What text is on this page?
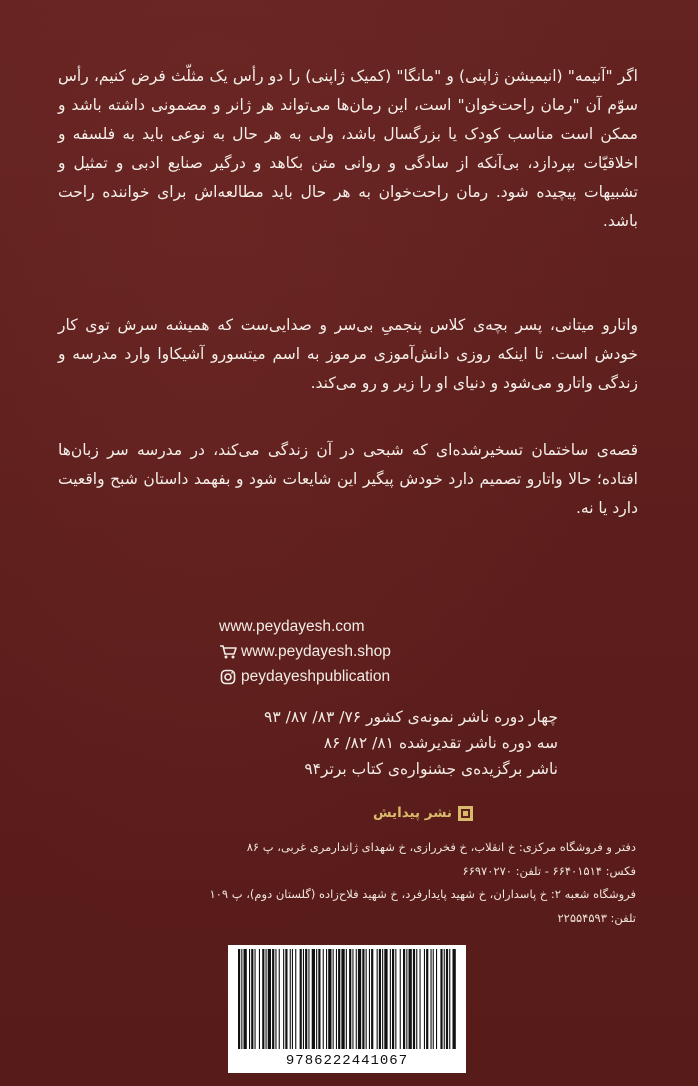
اگر "آنیمه" (انیمیشن ژاپنی) و "مانگا" (کمیک ژاپنی) را دو رأس یک مثلّث فرض کنیم، رأس سوّم آن "رمان راحت‌خوان" است، این رمان‌ها می‌تواند هر ژانر و مضمونی داشته باشد و ممکن است مناسب کودک یا بزرگسال باشد، ولی به هر حال به نوعی باید به فلسفه و اخلاقیّات بپردازد، بی‌آنکه از سادگی و روانی متن بکاهد و درگیر صنایع ادبی و تمثیل و تشبیهات پیچیده شود. رمان راحت‌خوان به هر حال باید مطالعه‌اش برای خواننده راحت باشد.

واتارو میتانی، پسر بچه‌ی کلاس پنجمیِ بی‌سر و صدایی‌ست که همیشه سرش توی کار خودش است. تا اینکه روزی دانش‌آموزی مرموز به اسم میتسورو آشیکاوا وارد مدرسه و زندگی واتارو می‌شود و دنیای او را زیر و رو می‌کند.

قصه‌ی ساختمان تسخیرشده‌ای که شبحی در آن زندگی می‌کند، در مدرسه سر زبان‌ها افتاده؛ حالا واتارو تصمیم دارد خودش پیگیر این شایعات شود و بفهمد داستان شبح واقعیت دارد یا نه.

www.peydayesh.com
www.peydayesh.shop
peydayeshpublication
چهار دوره ناشر نمونه‌ی کشور ۷۶/ ۸۳/ ۸۷/ ۹۳
سه دوره ناشر تقدیرشده ۸۱/ ۸۲/ ۸۶
ناشر برگزیده‌ی جشنواره‌ی کتاب برتر۹۴
نشر پیدایش
دفتر و فروشگاه مرکزی: خ انقلاب، خ فخررازی، خ شهدای ژاندارمری غربی، پ ۸۶
فکس: ۶۶۴۰۱۵۱۴ - تلفن: ۶۶۹۷۰۲۷۰
فروشگاه شعبه ۲: خ پاسداران، خ شهید پایدارفرد، خ شهید فلاح‌زاده (گلستان دوم)، پ ۱۰۹
تلفن: ۲۲۵۵۴۵۹۳
9786222441067
